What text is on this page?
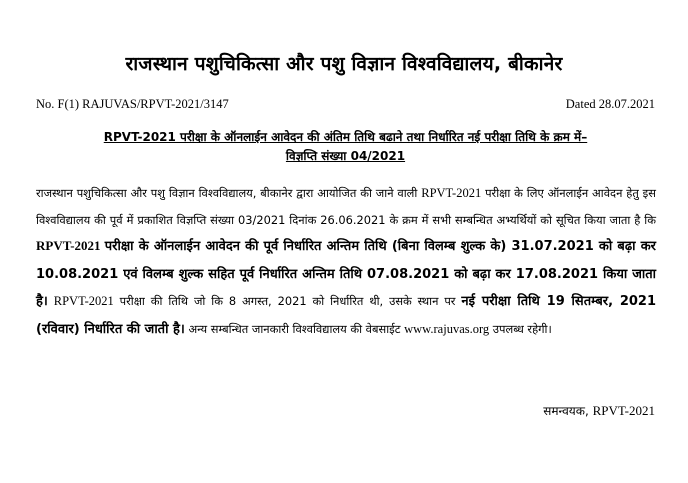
राजस्थान पशुचिकित्सा और पशु विज्ञान विश्वविद्यालय, बीकानेर
No. F(1) RAJUVAS/RPVT-2021/3147	Dated 28.07.2021
RPVT-2021 परीक्षा के ऑनलाईन आवेदन की अंतिम तिथि बढाने तथा निर्धारित नई परीक्षा तिथि के क्रम में–
विज्ञप्ति संख्या 04/2021
राजस्थान पशुचिकित्सा और पशु विज्ञान विश्वविद्यालय, बीकानेर द्वारा आयोजित की जाने वाली RPVT-2021 परीक्षा के लिए ऑनलाईन आवेदन हेतु इस विश्वविद्यालय की पूर्व में प्रकाशित विज्ञप्ति संख्या 03/2021 दिनांक 26.06.2021 के क्रम में सभी सम्बन्धित अभ्यर्थियों को सूचित किया जाता है कि RPVT-2021 परीक्षा के ऑनलाईन आवेदन की पूर्व निर्धारित अन्तिम तिथि (बिना विलम्ब शुल्क के) 31.07.2021 को बढ़ा कर 10.08.2021 एवं विलम्ब शुल्क सहित पूर्व निर्धारित अन्तिम तिथि 07.08.2021 को बढ़ा कर 17.08.2021 किया जाता है। RPVT-2021 परीक्षा की तिथि जो कि 8 अगस्त, 2021 को निर्धारित थी, उसके स्थान पर नई परीक्षा तिथि 19 सितम्बर, 2021 (रविवार) निर्धारित की जाती है। अन्य सम्बन्धित जानकारी विश्वविद्यालय की वेबसाईट www.rajuvas.org उपलब्ध रहेगी।
समन्वयक, RPVT-2021
